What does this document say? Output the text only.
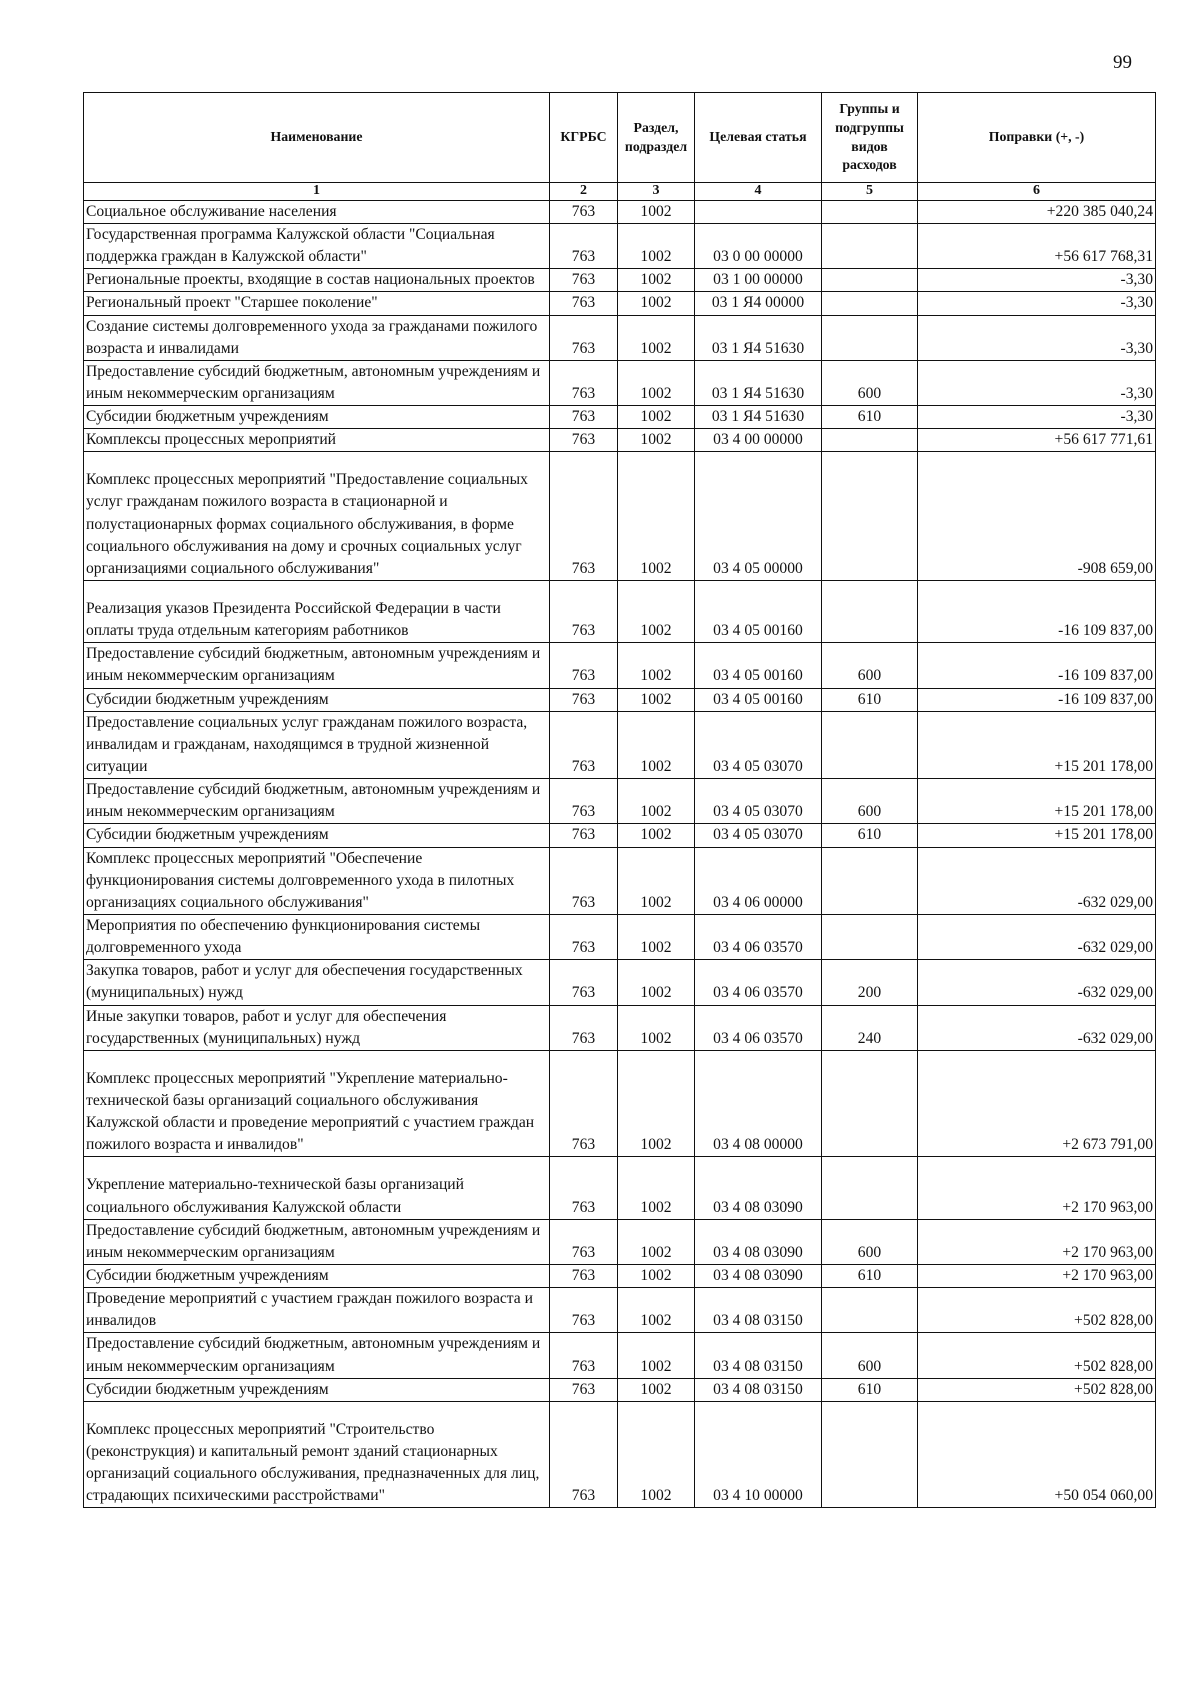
99
Наименование	КГРБС	Раздел, подраздел	Целевая статья	Группы и подгруппы видов расходов	Поправки (+, -)
1	2	3	4	5	6
Социальное обслуживание населения	763	1002			+220 385 040,24
Государственная программа Калужской области "Социальная поддержка граждан в Калужской области"	763	1002	03 0 00 00000		+56 617 768,31
Региональные проекты, входящие в состав национальных проектов	763	1002	03 1 00 00000		-3,30
Региональный проект "Старшее поколение"	763	1002	03 1 Я4 00000		-3,30
Создание системы долговременного ухода за гражданами пожилого возраста и инвалидами	763	1002	03 1 Я4 51630		-3,30
Предоставление субсидий бюджетным, автономным учреждениям и иным некоммерческим организациям	763	1002	03 1 Я4 51630	600	-3,30
Субсидии бюджетным учреждениям	763	1002	03 1 Я4 51630	610	-3,30
Комплексы процессных мероприятий	763	1002	03 4 00 00000		+56 617 771,61

Комплекс процессных мероприятий "Предоставление социальных услуг гражданам пожилого возраста в стационарной и полустационарных формах социального обслуживания, в форме социального обслуживания на дому и срочных социальных услуг организациями социального обслуживания"	763	1002	03 4 05 00000		-908 659,00

Реализация указов Президента Российской Федерации в части оплаты труда отдельным категориям работников	763	1002	03 4 05 00160		-16 109 837,00
Предоставление субсидий бюджетным, автономным учреждениям и иным некоммерческим организациям	763	1002	03 4 05 00160	600	-16 109 837,00
Субсидии бюджетным учреждениям	763	1002	03 4 05 00160	610	-16 109 837,00
Предоставление социальных услуг гражданам пожилого возраста, инвалидам и гражданам, находящимся в трудной жизненной ситуации	763	1002	03 4 05 03070		+15 201 178,00
Предоставление субсидий бюджетным, автономным учреждениям и иным некоммерческим организациям	763	1002	03 4 05 03070	600	+15 201 178,00
Субсидии бюджетным учреждениям	763	1002	03 4 05 03070	610	+15 201 178,00
Комплекс процессных мероприятий "Обеспечение функционирования системы долговременного ухода в пилотных организациях социального обслуживания"	763	1002	03 4 06 00000		-632 029,00
Мероприятия по обеспечению функционирования системы долговременного ухода	763	1002	03 4 06 03570		-632 029,00
Закупка товаров, работ и услуг для обеспечения государственных (муниципальных) нужд	763	1002	03 4 06 03570	200	-632 029,00
Иные закупки товаров, работ и услуг для обеспечения государственных (муниципальных) нужд	763	1002	03 4 06 03570	240	-632 029,00

Комплекс процессных мероприятий "Укрепление материально-технической базы организаций социального обслуживания Калужской области и проведение мероприятий с участием граждан пожилого возраста и инвалидов"	763	1002	03 4 08 00000		+2 673 791,00

Укрепление материально-технической базы организаций социального обслуживания Калужской области	763	1002	03 4 08 03090		+2 170 963,00
Предоставление субсидий бюджетным, автономным учреждениям и иным некоммерческим организациям	763	1002	03 4 08 03090	600	+2 170 963,00
Субсидии бюджетным учреждениям	763	1002	03 4 08 03090	610	+2 170 963,00
Проведение мероприятий с участием граждан пожилого возраста и инвалидов	763	1002	03 4 08 03150		+502 828,00
Предоставление субсидий бюджетным, автономным учреждениям и иным некоммерческим организациям	763	1002	03 4 08 03150	600	+502 828,00
Субсидии бюджетным учреждениям	763	1002	03 4 08 03150	610	+502 828,00

Комплекс процессных мероприятий "Строительство (реконструкция) и капитальный ремонт зданий стационарных организаций социального обслуживания, предназначенных для лиц, страдающих психическими расстройствами"	763	1002	03 4 10 00000		+50 054 060,00
